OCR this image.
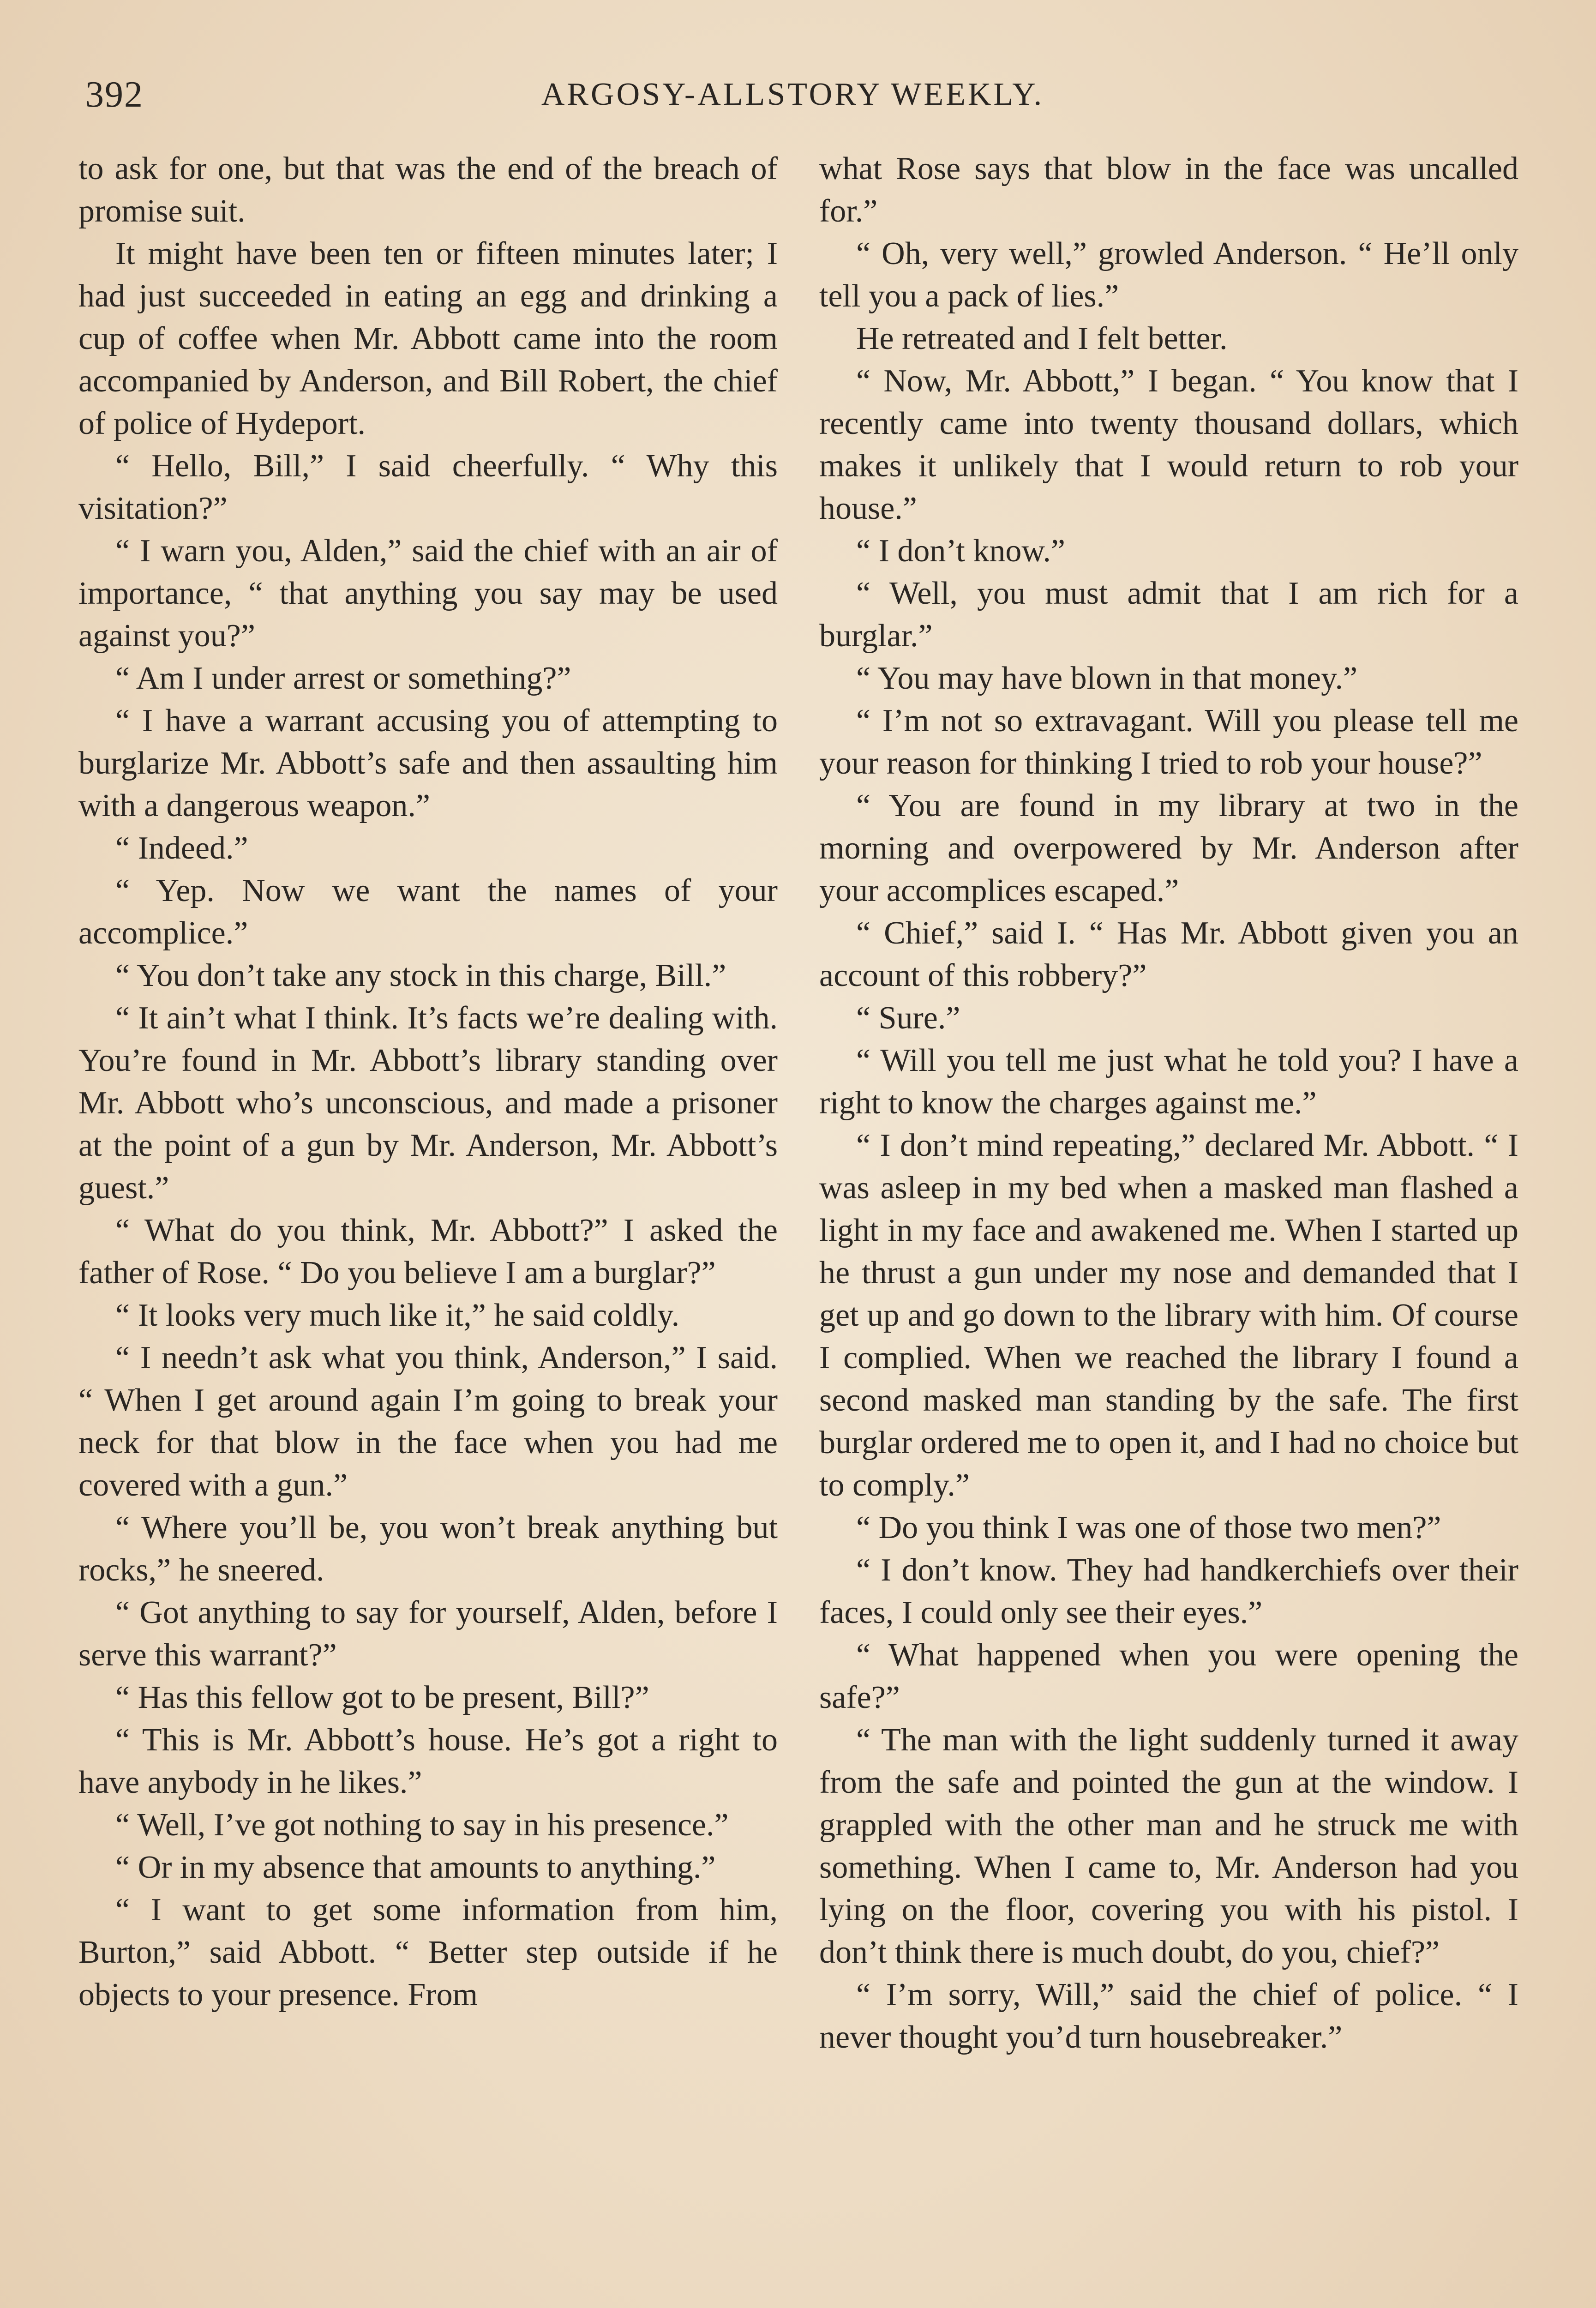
392	ARGOSY-ALLSTORY WEEKLY.

to ask for one, but that was the end of the breach of promise suit.

It might have been ten or fifteen minutes later; I had just succeeded in eating an egg and drinking a cup of coffee when Mr. Abbott came into the room accompanied by Anderson, and Bill Robert, the chief of police of Hydeport.

“ Hello, Bill,” I said cheerfully. “ Why this visitation?”

“ I warn you, Alden,” said the chief with an air of importance, “ that anything you say may be used against you?”

“ Am I under arrest or something?”

“ I have a warrant accusing you of attempting to burglarize Mr. Abbott’s safe and then assaulting him with a dangerous weapon.”

“ Indeed.”

“ Yep. Now we want the names of your accomplice.”

“ You don’t take any stock in this charge, Bill.”

“ It ain’t what I think. It’s facts we’re dealing with. You’re found in Mr. Abbott’s library standing over Mr. Abbott who’s unconscious, and made a prisoner at the point of a gun by Mr. Anderson, Mr. Abbott’s guest.”

“ What do you think, Mr. Abbott?” I asked the father of Rose. “ Do you believe I am a burglar?”

“ It looks very much like it,” he said coldly.

“ I needn’t ask what you think, Anderson,” I said. “ When I get around again I’m going to break your neck for that blow in the face when you had me covered with a gun.”

“ Where you’ll be, you won’t break anything but rocks,” he sneered.

“ Got anything to say for yourself, Alden, before I serve this warrant?”

“ Has this fellow got to be present, Bill?”

“ This is Mr. Abbott’s house. He’s got a right to have anybody in he likes.”

“ Well, I’ve got nothing to say in his presence.”

“ Or in my absence that amounts to anything.”

“ I want to get some information from him, Burton,” said Abbott. “ Better step outside if he objects to your presence. From

what Rose says that blow in the face was uncalled for.”

“ Oh, very well,” growled Anderson. “ He’ll only tell you a pack of lies.”

He retreated and I felt better.

“ Now, Mr. Abbott,” I began. “ You know that I recently came into twenty thousand dollars, which makes it unlikely that I would return to rob your house.”

“ I don’t know.”

“ Well, you must admit that I am rich for a burglar.”

“ You may have blown in that money.”

“ I’m not so extravagant. Will you please tell me your reason for thinking I tried to rob your house?”

“ You are found in my library at two in the morning and overpowered by Mr. Anderson after your accomplices escaped.”

“ Chief,” said I. “ Has Mr. Abbott given you an account of this robbery?”

“ Sure.”

“ Will you tell me just what he told you? I have a right to know the charges against me.”

“ I don’t mind repeating,” declared Mr. Abbott. “ I was asleep in my bed when a masked man flashed a light in my face and awakened me. When I started up he thrust a gun under my nose and demanded that I get up and go down to the library with him. Of course I complied. When we reached the library I found a second masked man standing by the safe. The first burglar ordered me to open it, and I had no choice but to comply.”

“ Do you think I was one of those two men?”

“ I don’t know. They had handkerchiefs over their faces, I could only see their eyes.”

“ What happened when you were opening the safe?”

“ The man with the light suddenly turned it away from the safe and pointed the gun at the window. I grappled with the other man and he struck me with something. When I came to, Mr. Anderson had you lying on the floor, covering you with his pistol. I don’t think there is much doubt, do you, chief?”

“ I’m sorry, Will,” said the chief of police. “ I never thought you’d turn housebreaker.”
